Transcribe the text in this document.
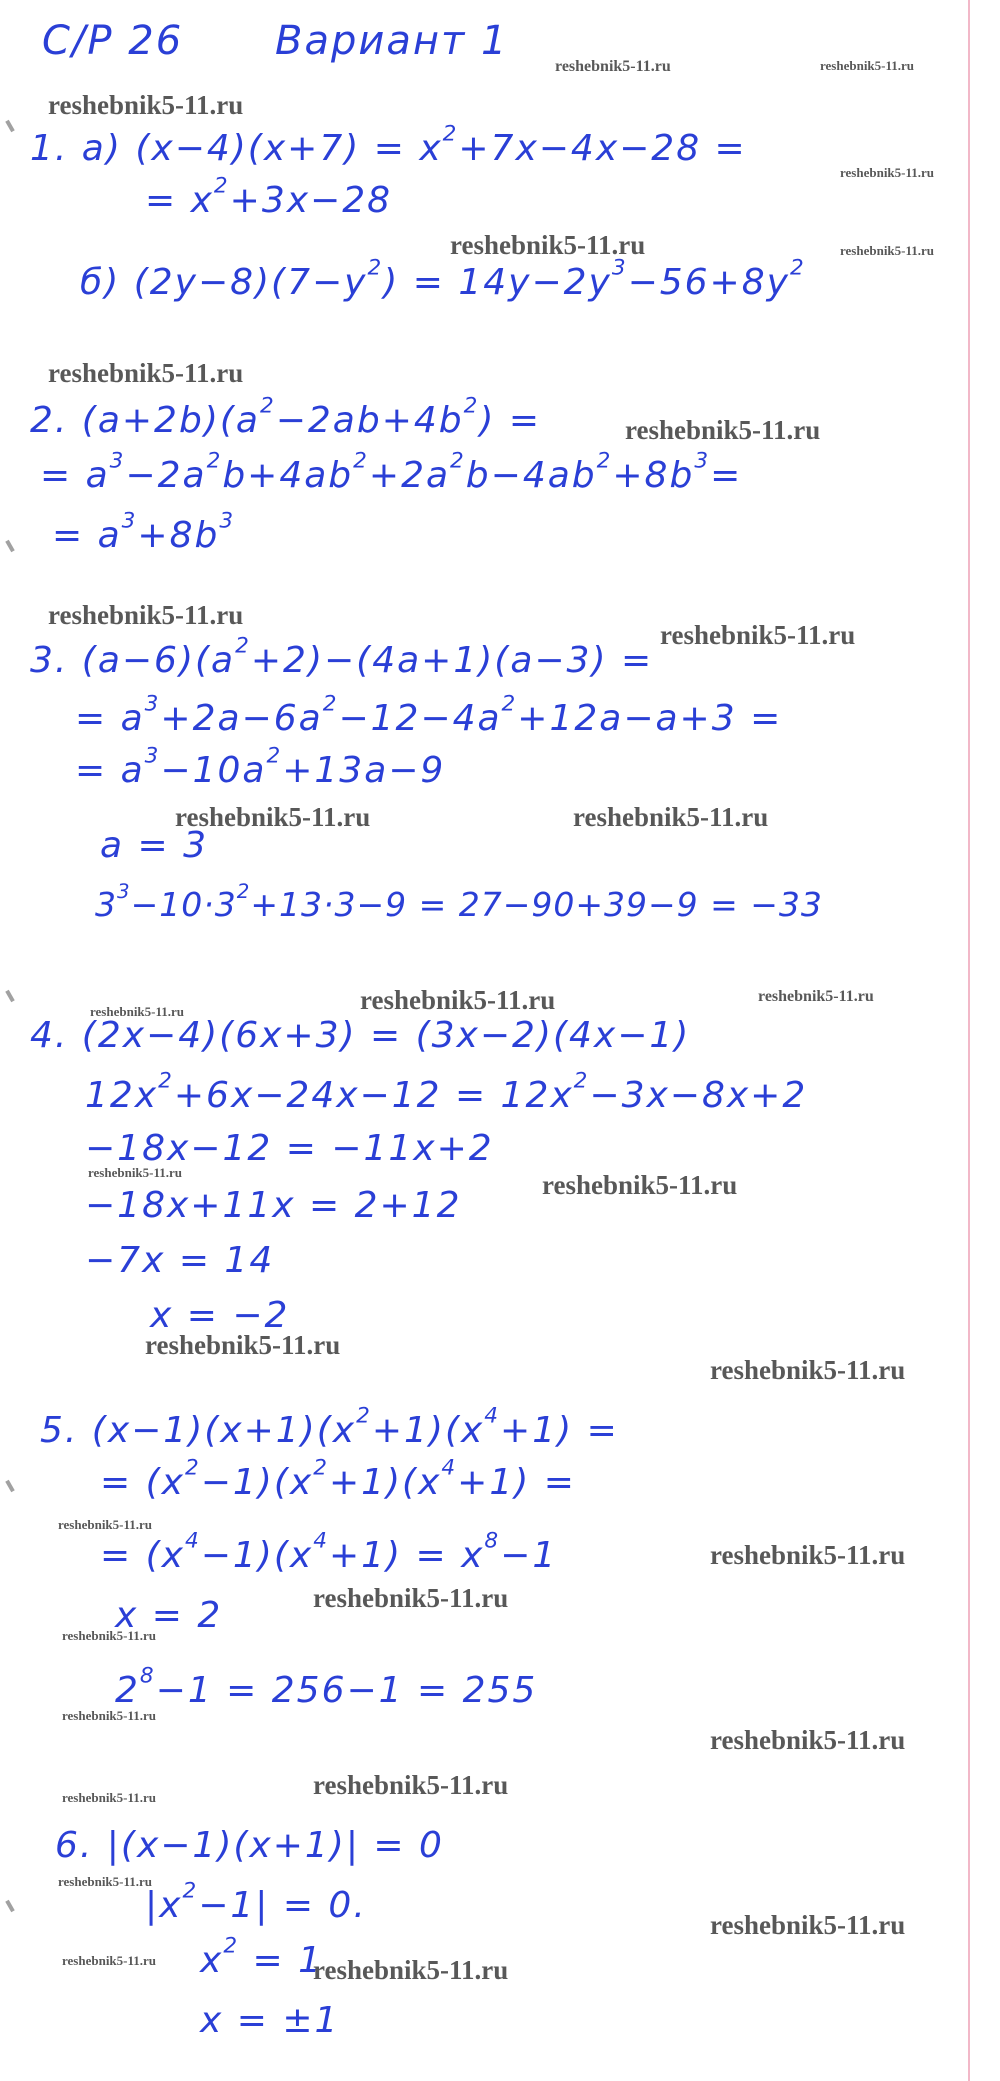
С/Р 26 Вариант 1
1. a) $(x-4)(x+7) = x^2+7x-4x-28$ =
= $x^2+3x-28$
б) $(2y-8)(7-y^2) = 14y-2y^3-56+8y^2$
2. $(a+2b)(a^2-2ab+4b^2)$ =
= $a^3-2a^2b+4ab^2+2a^2b-4ab^2+8b^3=$
= $a^3+8b^3$
3. $(a-6)(a^2+2)-(4a+1)(a-3)$ =
= $a^3+2a-6a^2-12-4a^2+12a-a+3$ =
= $a^3-10a^2+13a-9$
a = 3
$3^3-10\cdot 3^2+13\cdot 3-9 = 27-90+39-9 = -33$
4. (2x−4)(6x+3) = (3x−2)(4x−1)
$12x^2+6x-24x-12 = 12x^2-3x-8x+2$
−18x−12 = −11x+2
−18x+11x = 2+12
−7x = 14
x = −2
5. $(x-1)(x+1)(x^2+1)(x^4+1)$ =
= $(x^2-1)(x^2+1)(x^4+1)$ =
= $(x^4-1)(x^4+1) = x^8-1$
x = 2
$2^8-1 = 256-1 = 255$
6. |(x−1)(x+1)| = 0
$|x^2-1| = 0$.
$x^2 = 1$
x = ±1
reshebnik5-11.ru	reshebnik5-11.ru
reshebnik5-11.ru
reshebnik5-11.ru
reshebnik5-11.ru	reshebnik5-11.ru
reshebnik5-11.ru
reshebnik5-11.ru
reshebnik5-11.ru
reshebnik5-11.ru
reshebnik5-11.ru	reshebnik5-11.ru
reshebnik5-11.ru	reshebnik5-11.ru	reshebnik5-11.ru
reshebnik5-11.ru	reshebnik5-11.ru
reshebnik5-11.ru
reshebnik5-11.ru
reshebnik5-11.ru
reshebnik5-11.ru
reshebnik5-11.ru
reshebnik5-11.ru
reshebnik5-11.ru
reshebnik5-11.ru
reshebnik5-11.ru
reshebnik5-11.ru
reshebnik5-11.ru
reshebnik5-11.ru
reshebnik5-11.ru	reshebnik5-11.ru
